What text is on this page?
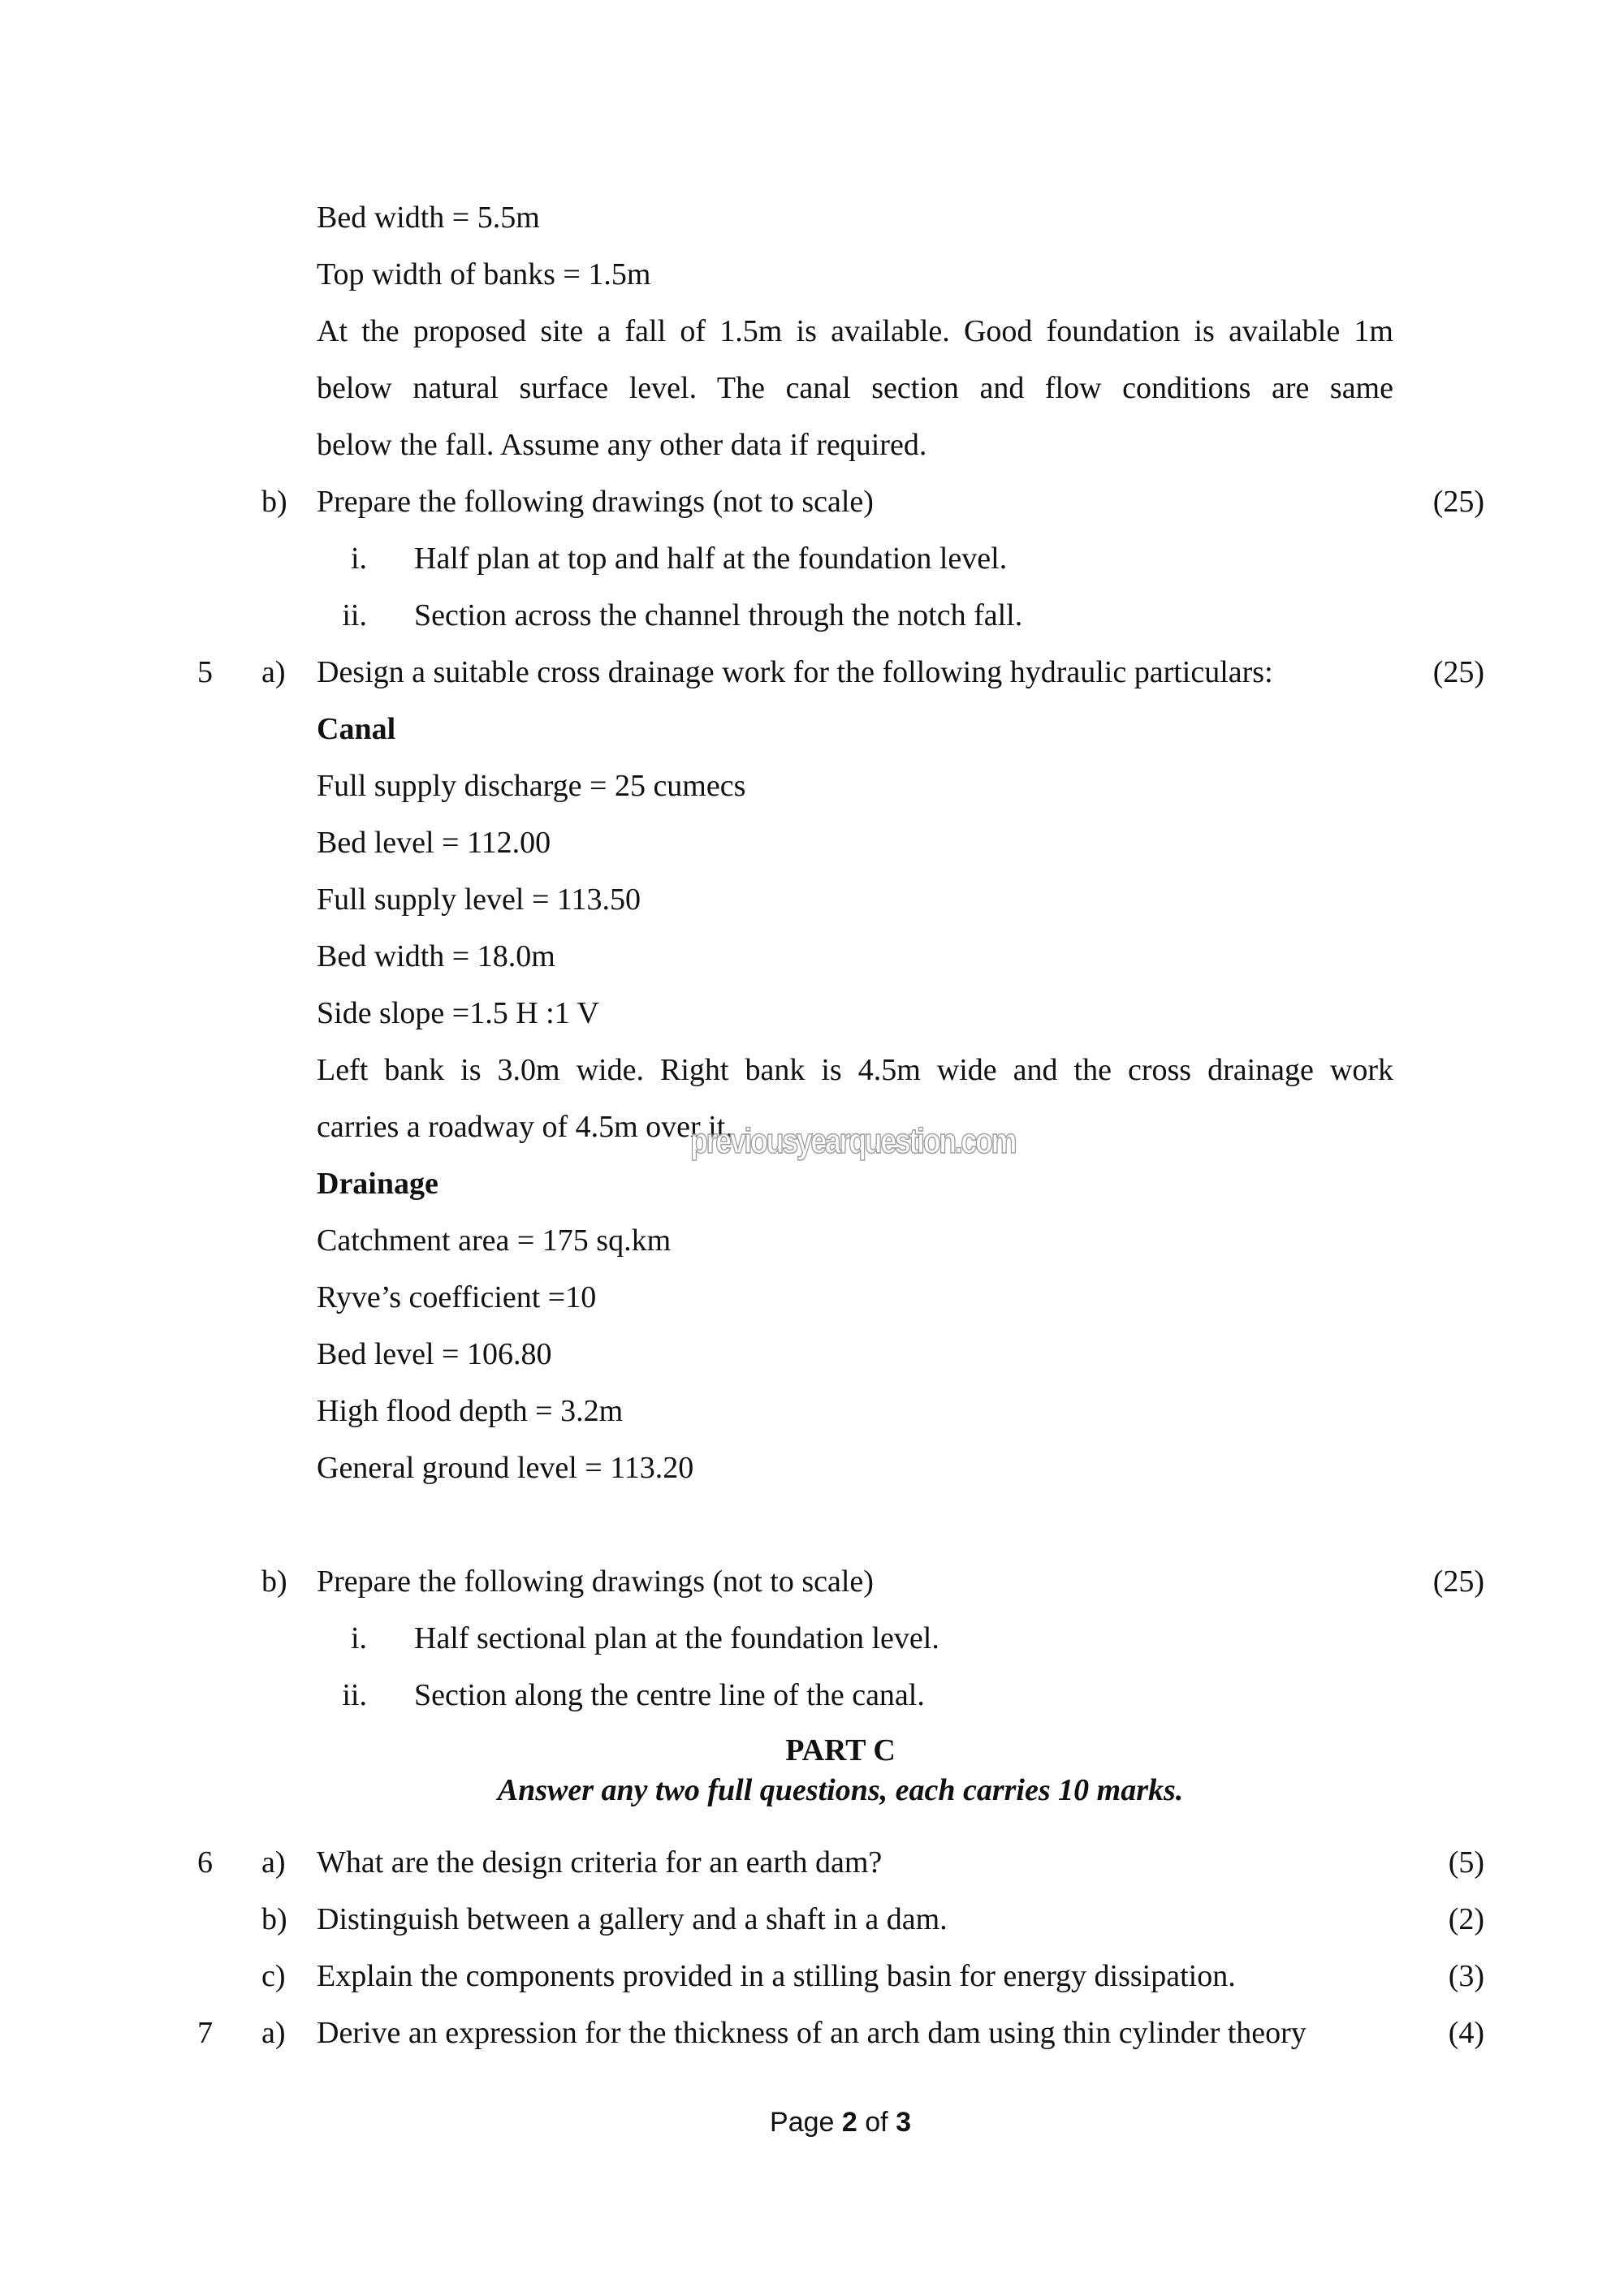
Bed width = 5.5m
Top width of banks = 1.5m
At the proposed site a fall of 1.5m is available. Good foundation is available 1m
below natural surface level. The canal section and flow conditions are same
below the fall. Assume any other data if required.
b) Prepare the following drawings (not to scale)	(25)
i. Half plan at top and half at the foundation level.
ii. Section across the channel through the notch fall.
5 a) Design a suitable cross drainage work for the following hydraulic particulars:	(25)
Canal
Full supply discharge = 25 cumecs
Bed level = 112.00
Full supply level = 113.50
Bed width = 18.0m
Side slope =1.5 H :1 V
Left bank is 3.0m wide. Right bank is 4.5m wide and the cross drainage work
carries a roadway of 4.5m over it.
Drainage
Catchment area = 175 sq.km
Ryve’s coefficient =10
Bed level = 106.80
High flood depth = 3.2m
General ground level = 113.20
b) Prepare the following drawings (not to scale)	(25)
i. Half sectional plan at the foundation level.
ii. Section along the centre line of the canal.
PART C
Answer any two full questions, each carries 10 marks.
6 a) What are the design criteria for an earth dam?	(5)
b) Distinguish between a gallery and a shaft in a dam.	(2)
c) Explain the components provided in a stilling basin for energy dissipation.	(3)
7 a) Derive an expression for the thickness of an arch dam using thin cylinder theory	(4)
Page 2 of 3
previousyearquestion.com
